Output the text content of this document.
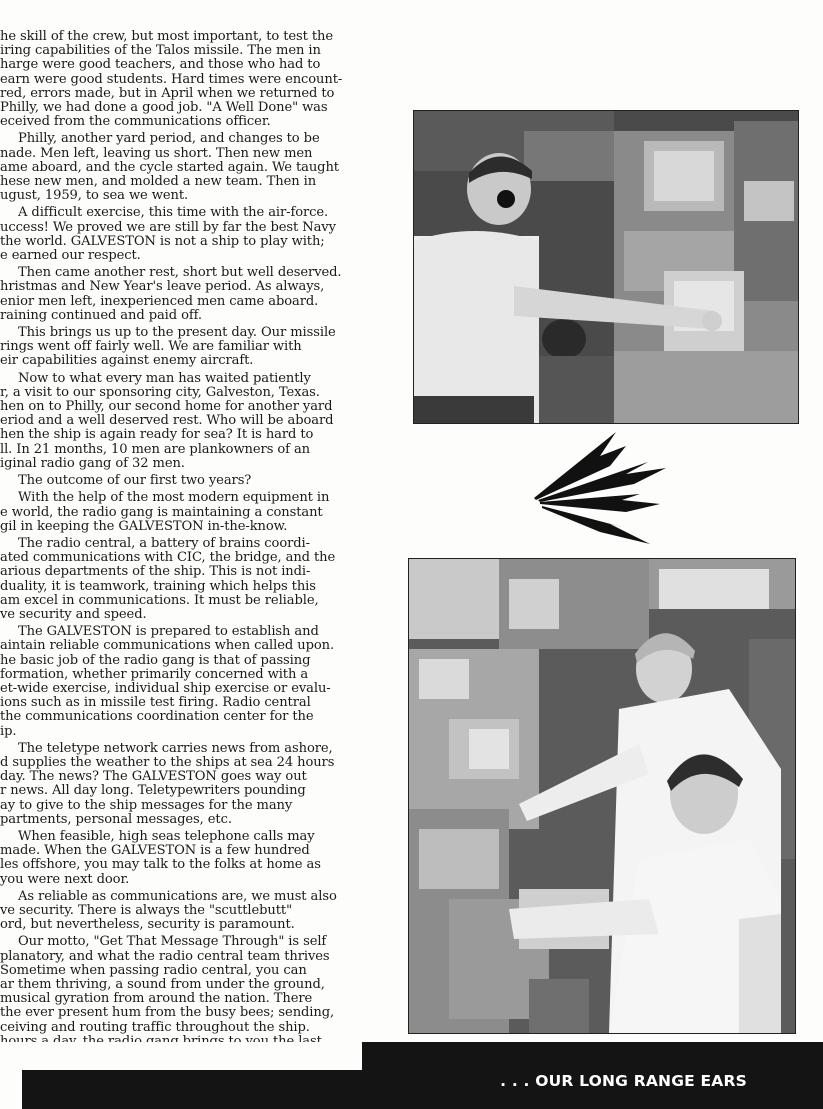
he skill of the crew, but most important, to test the
iring capabilities of the Talos missile. The men in
harge were good teachers, and those who had to
earn were good students. Hard times were encount-
red, errors made, but in April when we returned to
Philly, we had done a good job. "A Well Done" was
eceived from the communications officer.

Philly, another yard period, and changes to be
nade. Men left, leaving us short. Then new men
ame aboard, and the cycle started again. We taught
hese new men, and molded a new team. Then in
ugust, 1959, to sea we went.

A difficult exercise, this time with the air-force.
uccess! We proved we are still by far the best Navy
the world. GALVESTON is not a ship to play with;
e earned our respect.

Then came another rest, short but well deserved.
hristmas and New Year's leave period. As always,
enior men left, inexperienced men came aboard.
raining continued and paid off.

This brings us up to the present day. Our missile
rings went off fairly well. We are familiar with
eir capabilities against enemy aircraft.

Now to what every man has waited patiently
r, a visit to our sponsoring city, Galveston, Texas.
hen on to Philly, our second home for another yard
eriod and a well deserved rest. Who will be aboard
hen the ship is again ready for sea? It is hard to
ll. In 21 months, 10 men are plankowners of an
iginal radio gang of 32 men.

The outcome of our first two years?

With the help of the most modern equipment in
e world, the radio gang is maintaining a constant
gil in keeping the GALVESTON in-the-know.

The radio central, a battery of brains coordi-
ated communications with CIC, the bridge, and the
arious departments of the ship. This is not indi-
duality, it is teamwork, training which helps this
am excel in communications. It must be reliable,
ve security and speed.

The GALVESTON is prepared to establish and
aintain reliable communications when called upon.
he basic job of the radio gang is that of passing
formation, whether primarily concerned with a
et-wide exercise, individual ship exercise or evalu-
ions such as in missile test firing. Radio central
the communications coordination center for the
ip.

The teletype network carries news from ashore,
d supplies the weather to the ships at sea 24 hours
day. The news? The GALVESTON goes way out
r news. All day long. Teletypewriters pounding
ay to give to the ship messages for the many
partments, personal messages, etc.

When feasible, high seas telephone calls may
made. When the GALVESTON is a few hundred
les offshore, you may talk to the folks at home as
you were next door.

As reliable as communications are, we must also
ve security. There is always the "scuttlebutt"
ord, but nevertheless, security is paramount.

Our motto, "Get That Message Through" is self
planatory, and what the radio central team thrives
Sometime when passing radio central, you can
ar them thriving, a sound from under the ground,
musical gyration from around the nation. There
the ever present hum from the busy bees; sending,
ceiving and routing traffic throughout the ship.

. . . OUR LONG RANGE EARS
